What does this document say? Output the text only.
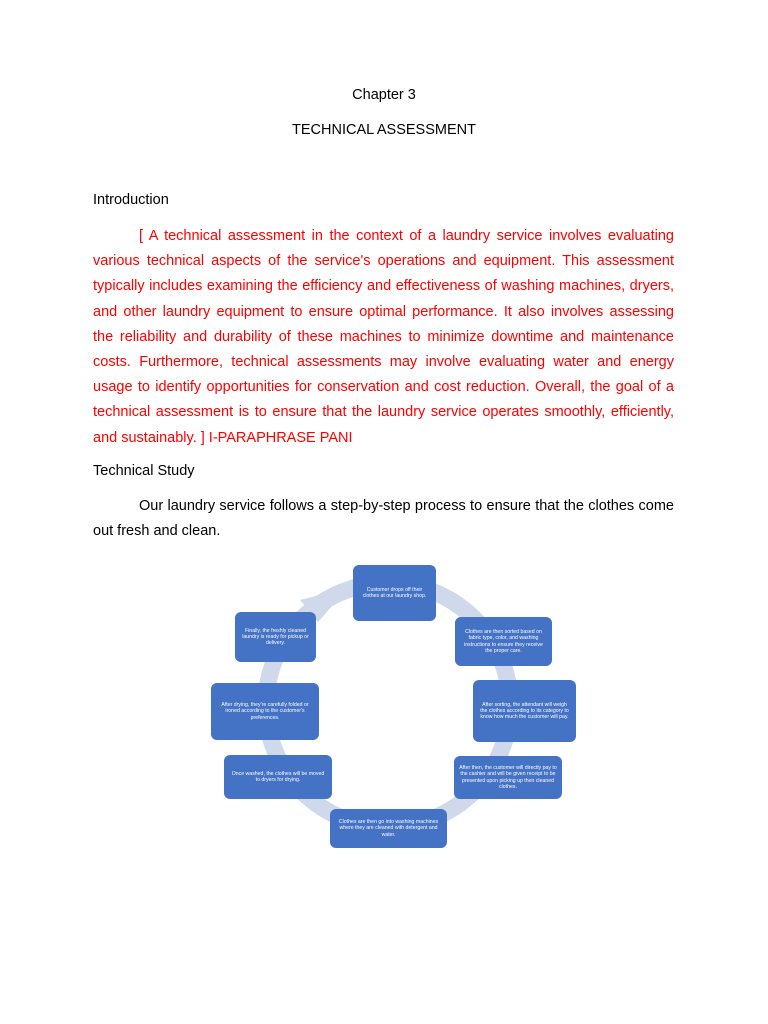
Chapter 3
TECHNICAL ASSESSMENT
Introduction

[ A technical assessment in the context of a laundry service involves evaluating various technical aspects of the service's operations and equipment. This assessment typically includes examining the efficiency and effectiveness of washing machines, dryers, and other laundry equipment to ensure optimal performance. It also involves assessing the reliability and durability of these machines to minimize downtime and maintenance costs. Furthermore, technical assessments may involve evaluating water and energy usage to identify opportunities for conservation and cost reduction. Overall, the goal of a technical assessment is to ensure that the laundry service operates smoothly, efficiently, and sustainably. ] I-PARAPHRASE PANI

Technical Study

Our laundry service follows a step-by-step process to ensure that the clothes come out fresh and clean.

Customer drops off their clothes at our laundry shop.
Clothes are then sorted based on fabric type, color, and washing instructions to ensure they receive the proper care.
After sorting, the attendant will weigh the clothes according to its category to know how much the customer will pay.
After then, the customer will directly pay to the cashier and will be given receipt to be presented upon picking up their cleaned clothes.
Clothes are then go into washing machines where they are cleaned with detergent and water.
Once washed, the clothes will be moved to dryers for drying.
After drying, they're carefully folded or ironed according to the customer's preferences.
Finally, the freshly cleaned laundry is ready for pickup or delivery.
